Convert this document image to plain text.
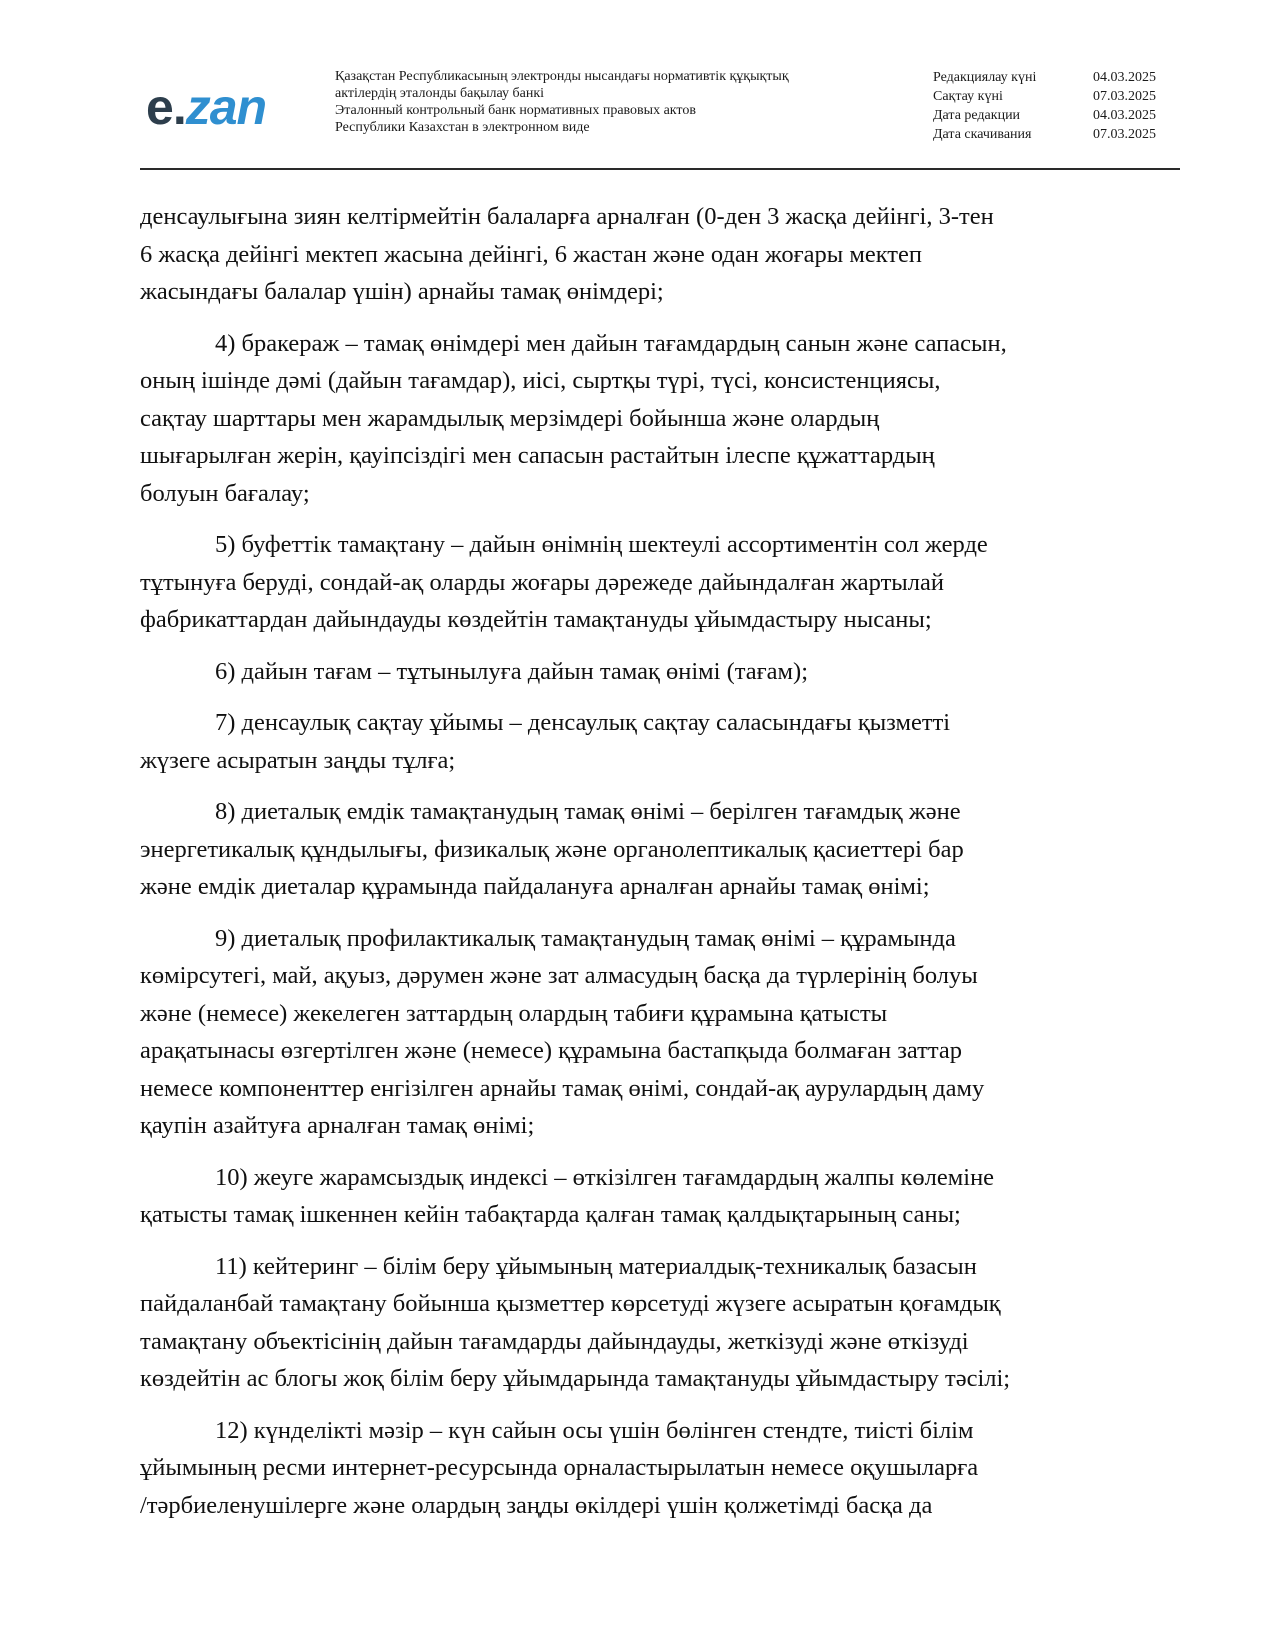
e.zan
Қазақстан Республикасының электронды нысандағы нормативтік құқықтық
актілердің эталонды бақылау банкі
Эталонный контрольный банк нормативных правовых актов
Республики Казахстан в электронном виде
Редакциялау күні	04.03.2025
Сақтау күні	07.03.2025
Дата редакции	04.03.2025
Дата скачивания	07.03.2025
денсаулығына зиян келтірмейтін балаларға арналған (0-ден 3 жасқа дейінгі, 3-тен
6 жасқа дейінгі мектеп жасына дейінгі, 6 жастан және одан жоғары мектеп
жасындағы балалар үшін) арнайы тамақ өнімдері;
4) бракераж – тамақ өнімдері мен дайын тағамдардың санын және сапасын,
оның ішінде дәмі (дайын тағамдар), иісі, сыртқы түрі, түсі, консистенциясы,
сақтау шарттары мен жарамдылық мерзімдері бойынша және олардың
шығарылған жерін, қауіпсіздігі мен сапасын растайтын ілеспе құжаттардың
болуын бағалау;
5) буфеттік тамақтану – дайын өнімнің шектеулі ассортиментін сол жерде
тұтынуға беруді, сондай-ақ оларды жоғары дәрежеде дайындалған жартылай
фабрикаттардан дайындауды көздейтін тамақтануды ұйымдастыру нысаны;
6) дайын тағам – тұтынылуға дайын тамақ өнімі (тағам);
7) денсаулық сақтау ұйымы – денсаулық сақтау саласындағы қызметті
жүзеге асыратын заңды тұлға;
8) диеталық емдік тамақтанудың тамақ өнімі – берілген тағамдық және
энергетикалық құндылығы, физикалық және органолептикалық қасиеттері бар
және емдік диеталар құрамында пайдалануға арналған арнайы тамақ өнімі;
9) диеталық профилактикалық тамақтанудың тамақ өнімі – құрамында
көмірсутегі, май, ақуыз, дәрумен және зат алмасудың басқа да түрлерінің болуы
және (немесе) жекелеген заттардың олардың табиғи құрамына қатысты
арақатынасы өзгертілген және (немесе) құрамына бастапқыда болмаған заттар
немесе компоненттер енгізілген арнайы тамақ өнімі, сондай-ақ аурулардың даму
қаупін азайтуға арналған тамақ өнімі;
10) жеуге жарамсыздық индексі – өткізілген тағамдардың жалпы көлеміне
қатысты тамақ ішкеннен кейін табақтарда қалған тамақ қалдықтарының саны;
11) кейтеринг – білім беру ұйымының материалдық-техникалық базасын
пайдаланбай тамақтану бойынша қызметтер көрсетуді жүзеге асыратын қоғамдық
тамақтану объектісінің дайын тағамдарды дайындауды, жеткізуді және өткізуді
көздейтін ас блогы жоқ білім беру ұйымдарында тамақтануды ұйымдастыру тәсілі;
12) күнделікті мәзір – күн сайын осы үшін бөлінген стендте, тиісті білім
ұйымының ресми интернет-ресурсында орналастырылатын немесе оқушыларға
/тәрбиеленушілерге және олардың заңды өкілдері үшін қолжетімді басқа да
